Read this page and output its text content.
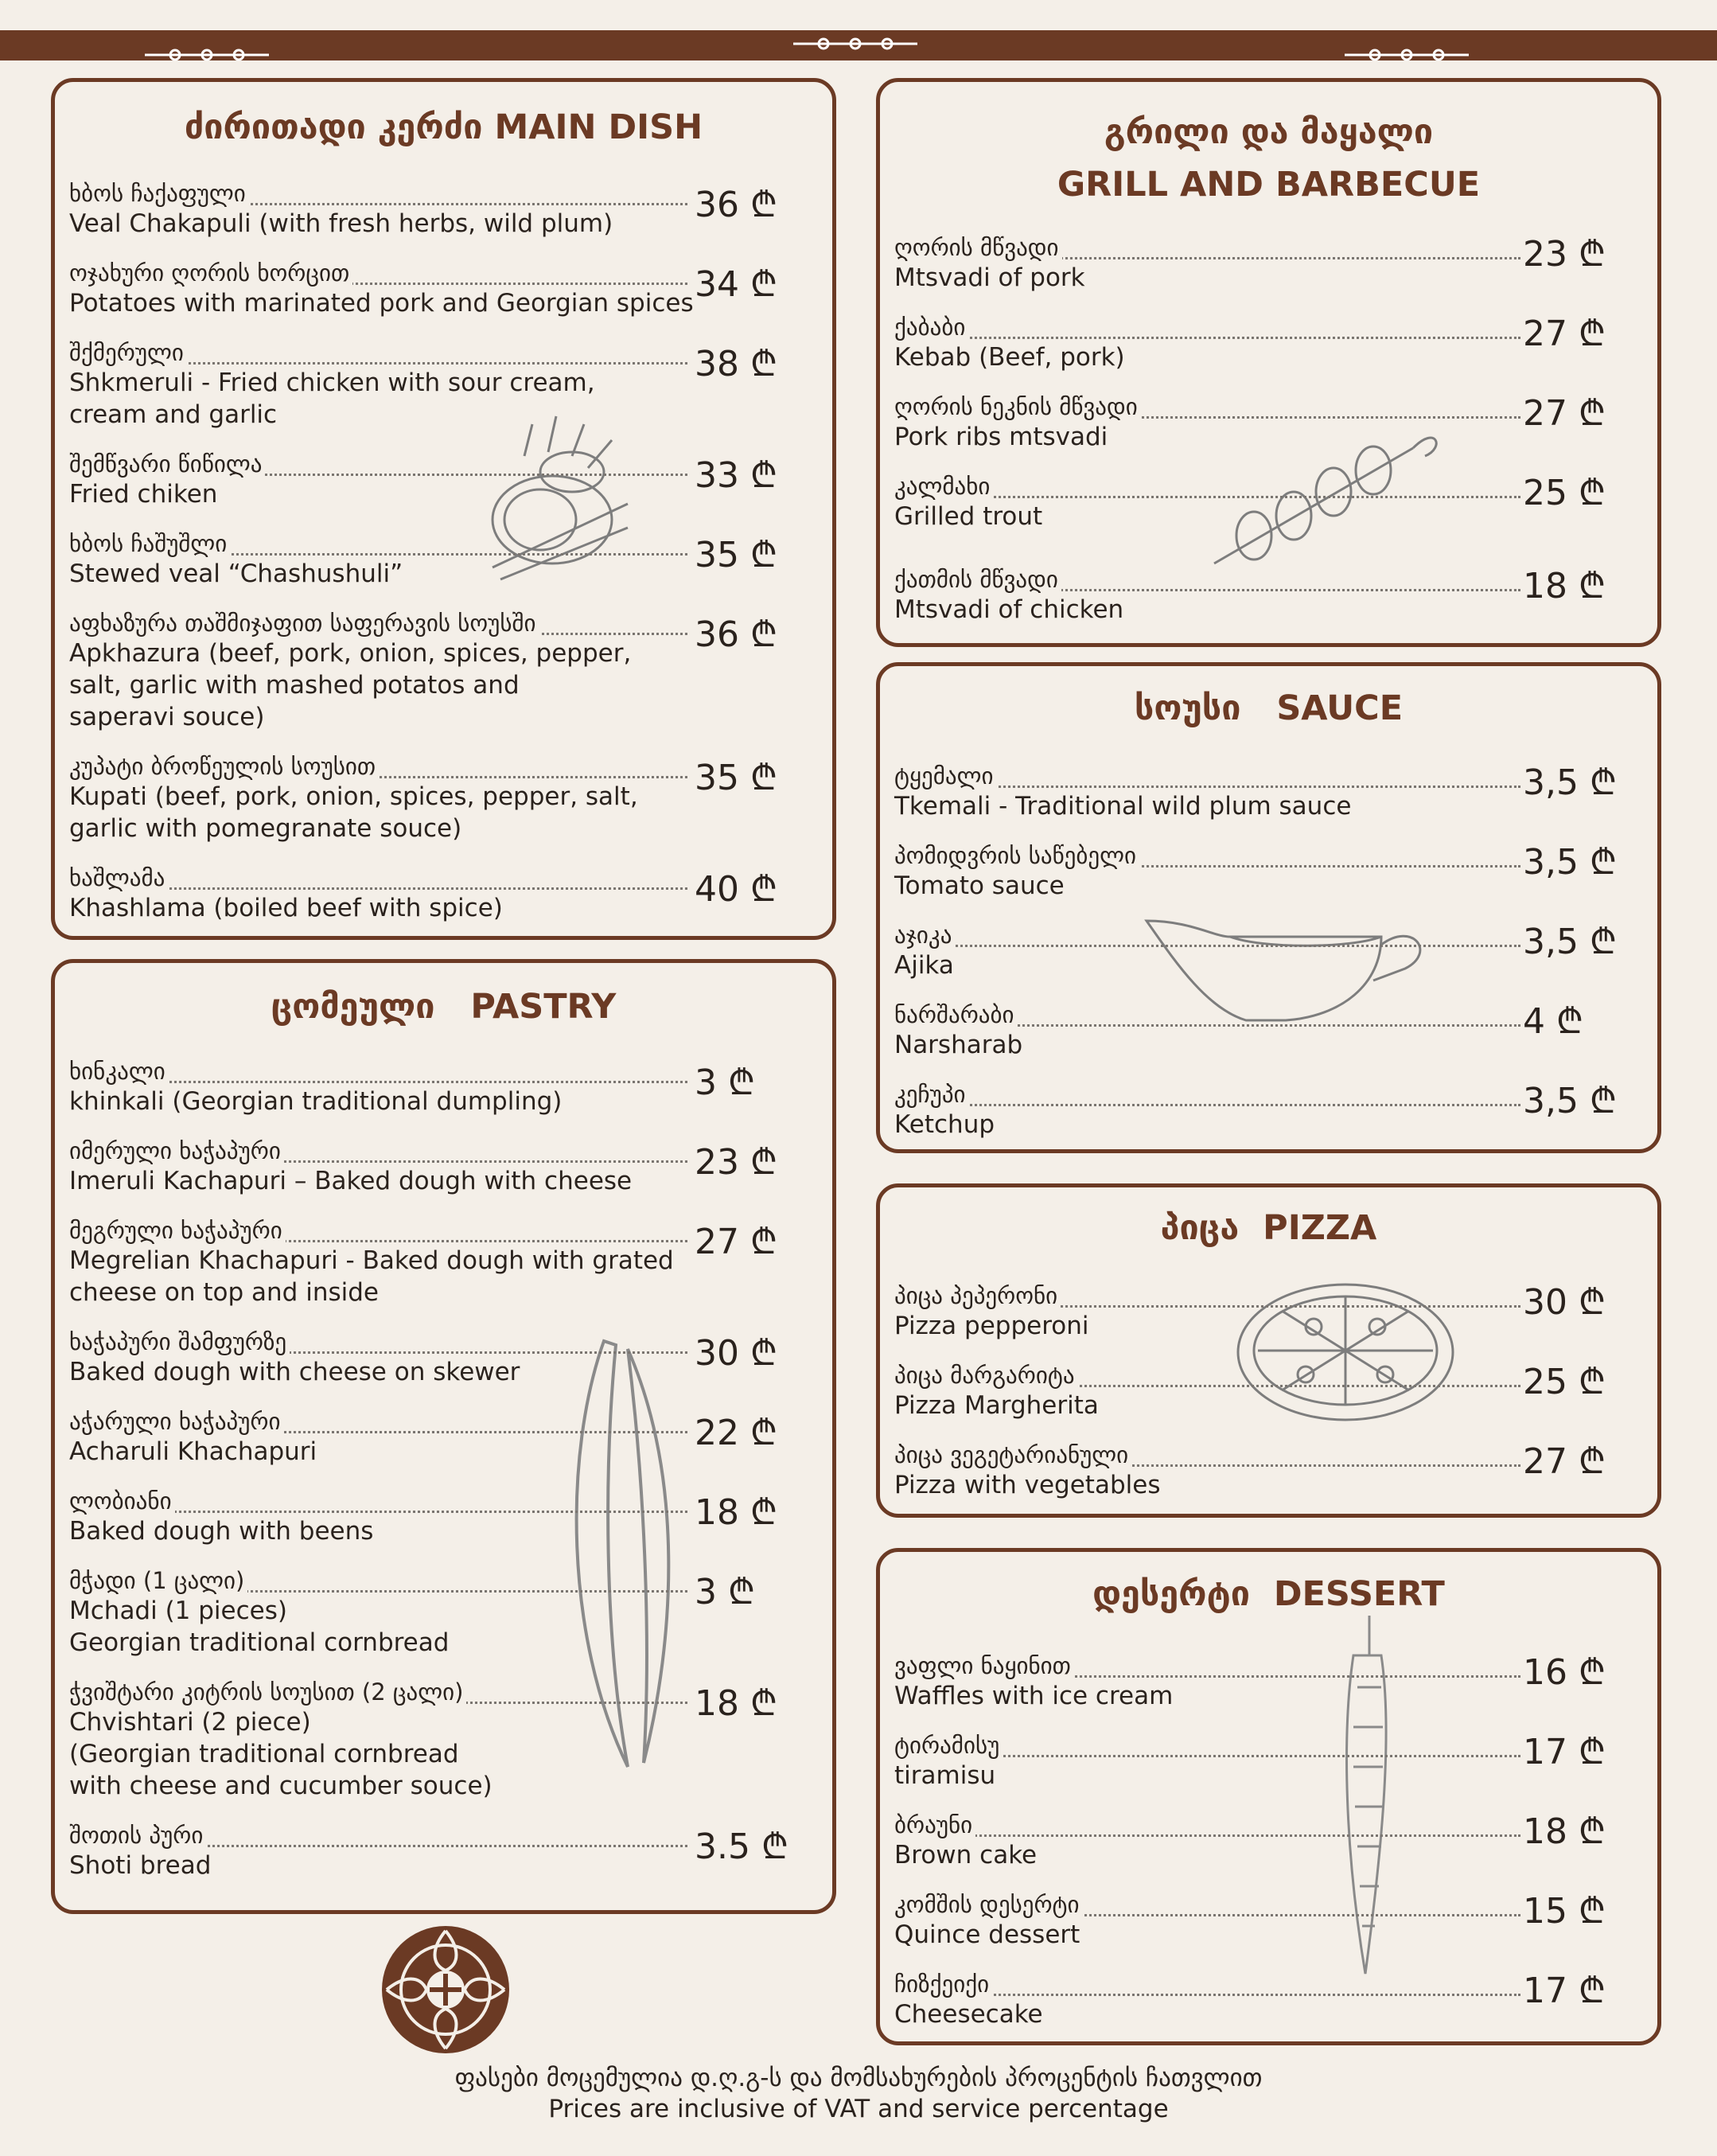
ძირითადი კერძი MAIN DISH
ხბოს ჩაქაფული
Veal Chakapuli (with fresh herbs, wild plum)	36 ₾
ოჯახური ღორის ხორცით
Potatoes with marinated pork and Georgian spices 34 ₾
შქმერული
Shkmeruli - Fried chicken with sour cream,
cream and garlic
38 ₾
შემწვარი წიწილა
Fried chiken	33 ₾
ხბოს ჩაშუშლი
Stewed veal “Chashushuli”	35 ₾
აფხაზურა თაშმიჯაფით საფერავის სოუსში
Apkhazura (beef, pork, onion, spices, pepper,
salt, garlic with mashed potatos and
saperavi souce)
36 ₾
კუპატი ბროწეულის სოუსით
Kupati (beef, pork, onion, spices, pepper, salt,
garlic with pomegranate souce)
35 ₾
ხაშლამა
Khashlama (boiled beef with spice)	40 ₾
ცომეული   PASTRY
ხინკალი
khinkali (Georgian traditional dumpling)	3 ₾
იმერული ხაჭაპური
Imeruli Kachapuri – Baked dough with cheese	23 ₾
მეგრული ხაჭაპური
Megrelian Khachapuri - Baked dough with grated
cheese on top and inside
27 ₾
ხაჭაპური შამფურზე
Baked dough with cheese on skewer	30 ₾
აჭარული ხაჭაპური
Acharuli Khachapuri	22 ₾
ლობიანი
Baked dough with beens	18 ₾
მჭადი (1 ცალი)
Mchadi (1 pieces)
Georgian traditional cornbread
3 ₾
ჭვიშტარი კიტრის სოუსით (2 ცალი)
Chvishtari (2 piece)
(Georgian traditional cornbread
with cheese and cucumber souce)
18 ₾
შოთის პური
Shoti bread	3.5 ₾
გრილი და მაყალი
GRILL AND BARBECUE
ღორის მწვადი
Mtsvadi of pork
23 ₾
ქაბაბი
Kebab (Beef, pork)
27 ₾
ღორის ნეკნის მწვადი
Pork ribs mtsvadi
27 ₾
კალმახი
Grilled trout
25 ₾
ქათმის მწვადი
Mtsvadi of chicken
18 ₾
სოუსი   SAUCE
ტყემალი
Tkemali - Traditional wild plum sauce
3,5 ₾
პომიდვრის საწებელი
Tomato sauce
3,5 ₾
აჯიკა
Ajika
3,5 ₾
ნარშარაბი
Narsharab
4 ₾
კეჩუპი
Ketchup
3,5 ₾
პიცა  PIZZA
პიცა პეპერონი
Pizza pepperoni
30 ₾
პიცა მარგარიტა
Pizza Margherita
25 ₾
პიცა ვეგეტარიანული
Pizza with vegetables
27 ₾
დესერტი  DESSERT
ვაფლი ნაყინით
Waffles with ice cream
16 ₾
ტირამისუ
tiramisu
17 ₾
ბრაუნი
Brown cake
18 ₾
კომშის დესერტი
Quince dessert
15 ₾
ჩიზქეიქი
Cheesecake
17 ₾
ფასები მოცემულია დ.ღ.გ-ს და მომსახურების პროცენტის ჩათვლით
Prices are inclusive of VAT and service percentage
